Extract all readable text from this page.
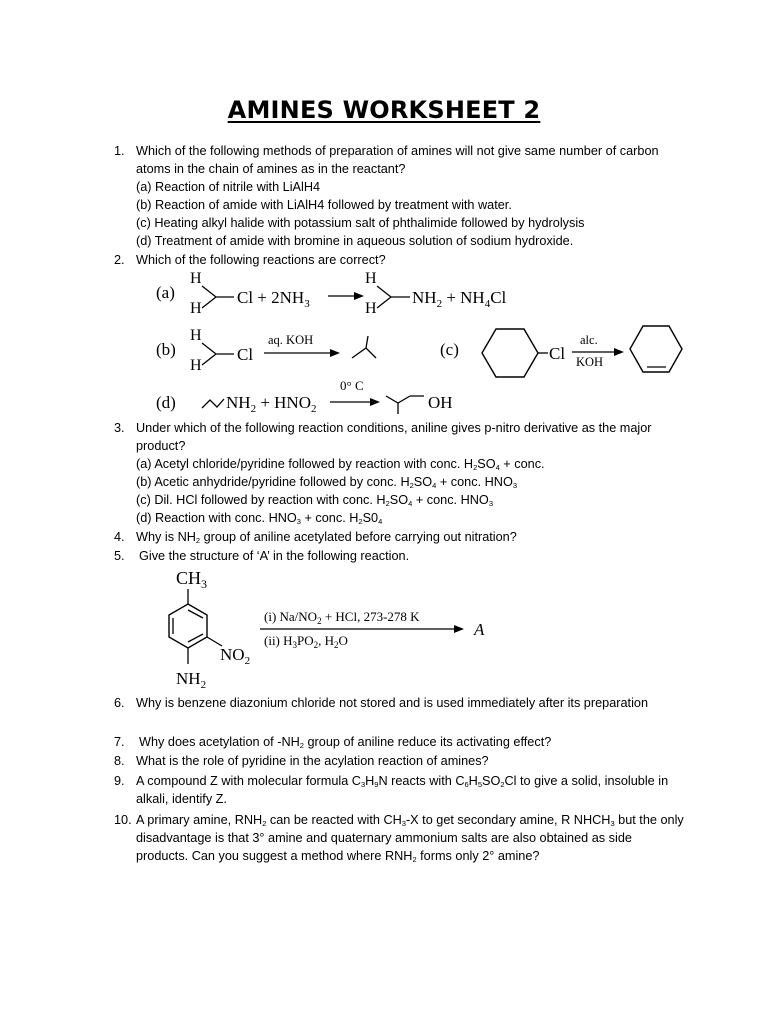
AMINES WORKSHEET 2
1. Which of the following methods of preparation of amines will not give same number of carbon atoms in the chain of amines as in the reactant?
(a) Reaction of nitrile with LiAlH4
(b) Reaction of amide with LiAlH4 followed by treatment with water.
(c) Heating alkyl halide with potassium salt of phthalimide followed by hydrolysis
(d) Treatment of amide with bromine in aqueous solution of sodium hydroxide.
2. Which of the following reactions are correct?
(a)
H
H
$Cl + 2NH_3$
H
H
$NH_2 + NH_4Cl$
(b)
H
H
Cl
aq. KOH	(c)	Cl
alc.
KOH
(d)	$NH_2 + HNO_2$
0° C
OH
3. Under which of the following reaction conditions, aniline gives p-nitro derivative as the major product?
(a) Acetyl chloride/pyridine followed by reaction with conc. $H_2SO_4$ + conc.
(b) Acetic anhydride/pyridine followed by conc. $H_2SO_4$ + conc. $HNO_3$
(c) Dil. HCl followed by reaction with conc. $H_2SO_4$ + conc. $HNO_3$
(d) Reaction with conc. $HNO_3$ + conc. $H_2S0_4$
4. Why is $NH_2$ group of aniline acetylated before carrying out nitration?
5. Give the structure of ‘A’ in the following reaction.
$CH_3$
$NO_2$
$NH_2$
(i) $Na/NO_2$ + HCl, 273-278 K
A
(ii) $H_3PO_2$, $H_2O$
6. Why is benzene diazonium chloride not stored and is used immediately after its preparation
7. Why does acetylation of $-NH_2$ group of aniline reduce its activating effect?
8. What is the role of pyridine in the acylation reaction of amines?
9. A compound Z with molecular formula $C_3H_9N$ reacts with $C_6H_5SO_2Cl$ to give a solid, insoluble in alkali, identify Z.
10. A primary amine, $RNH_2$ can be reacted with $CH_3-X$ to get secondary amine, R $NHCH_3$ but the only disadvantage is that 3° amine and quaternary ammonium salts are also obtained as side products. Can you suggest a method where $RNH_2$ forms only 2° amine?
